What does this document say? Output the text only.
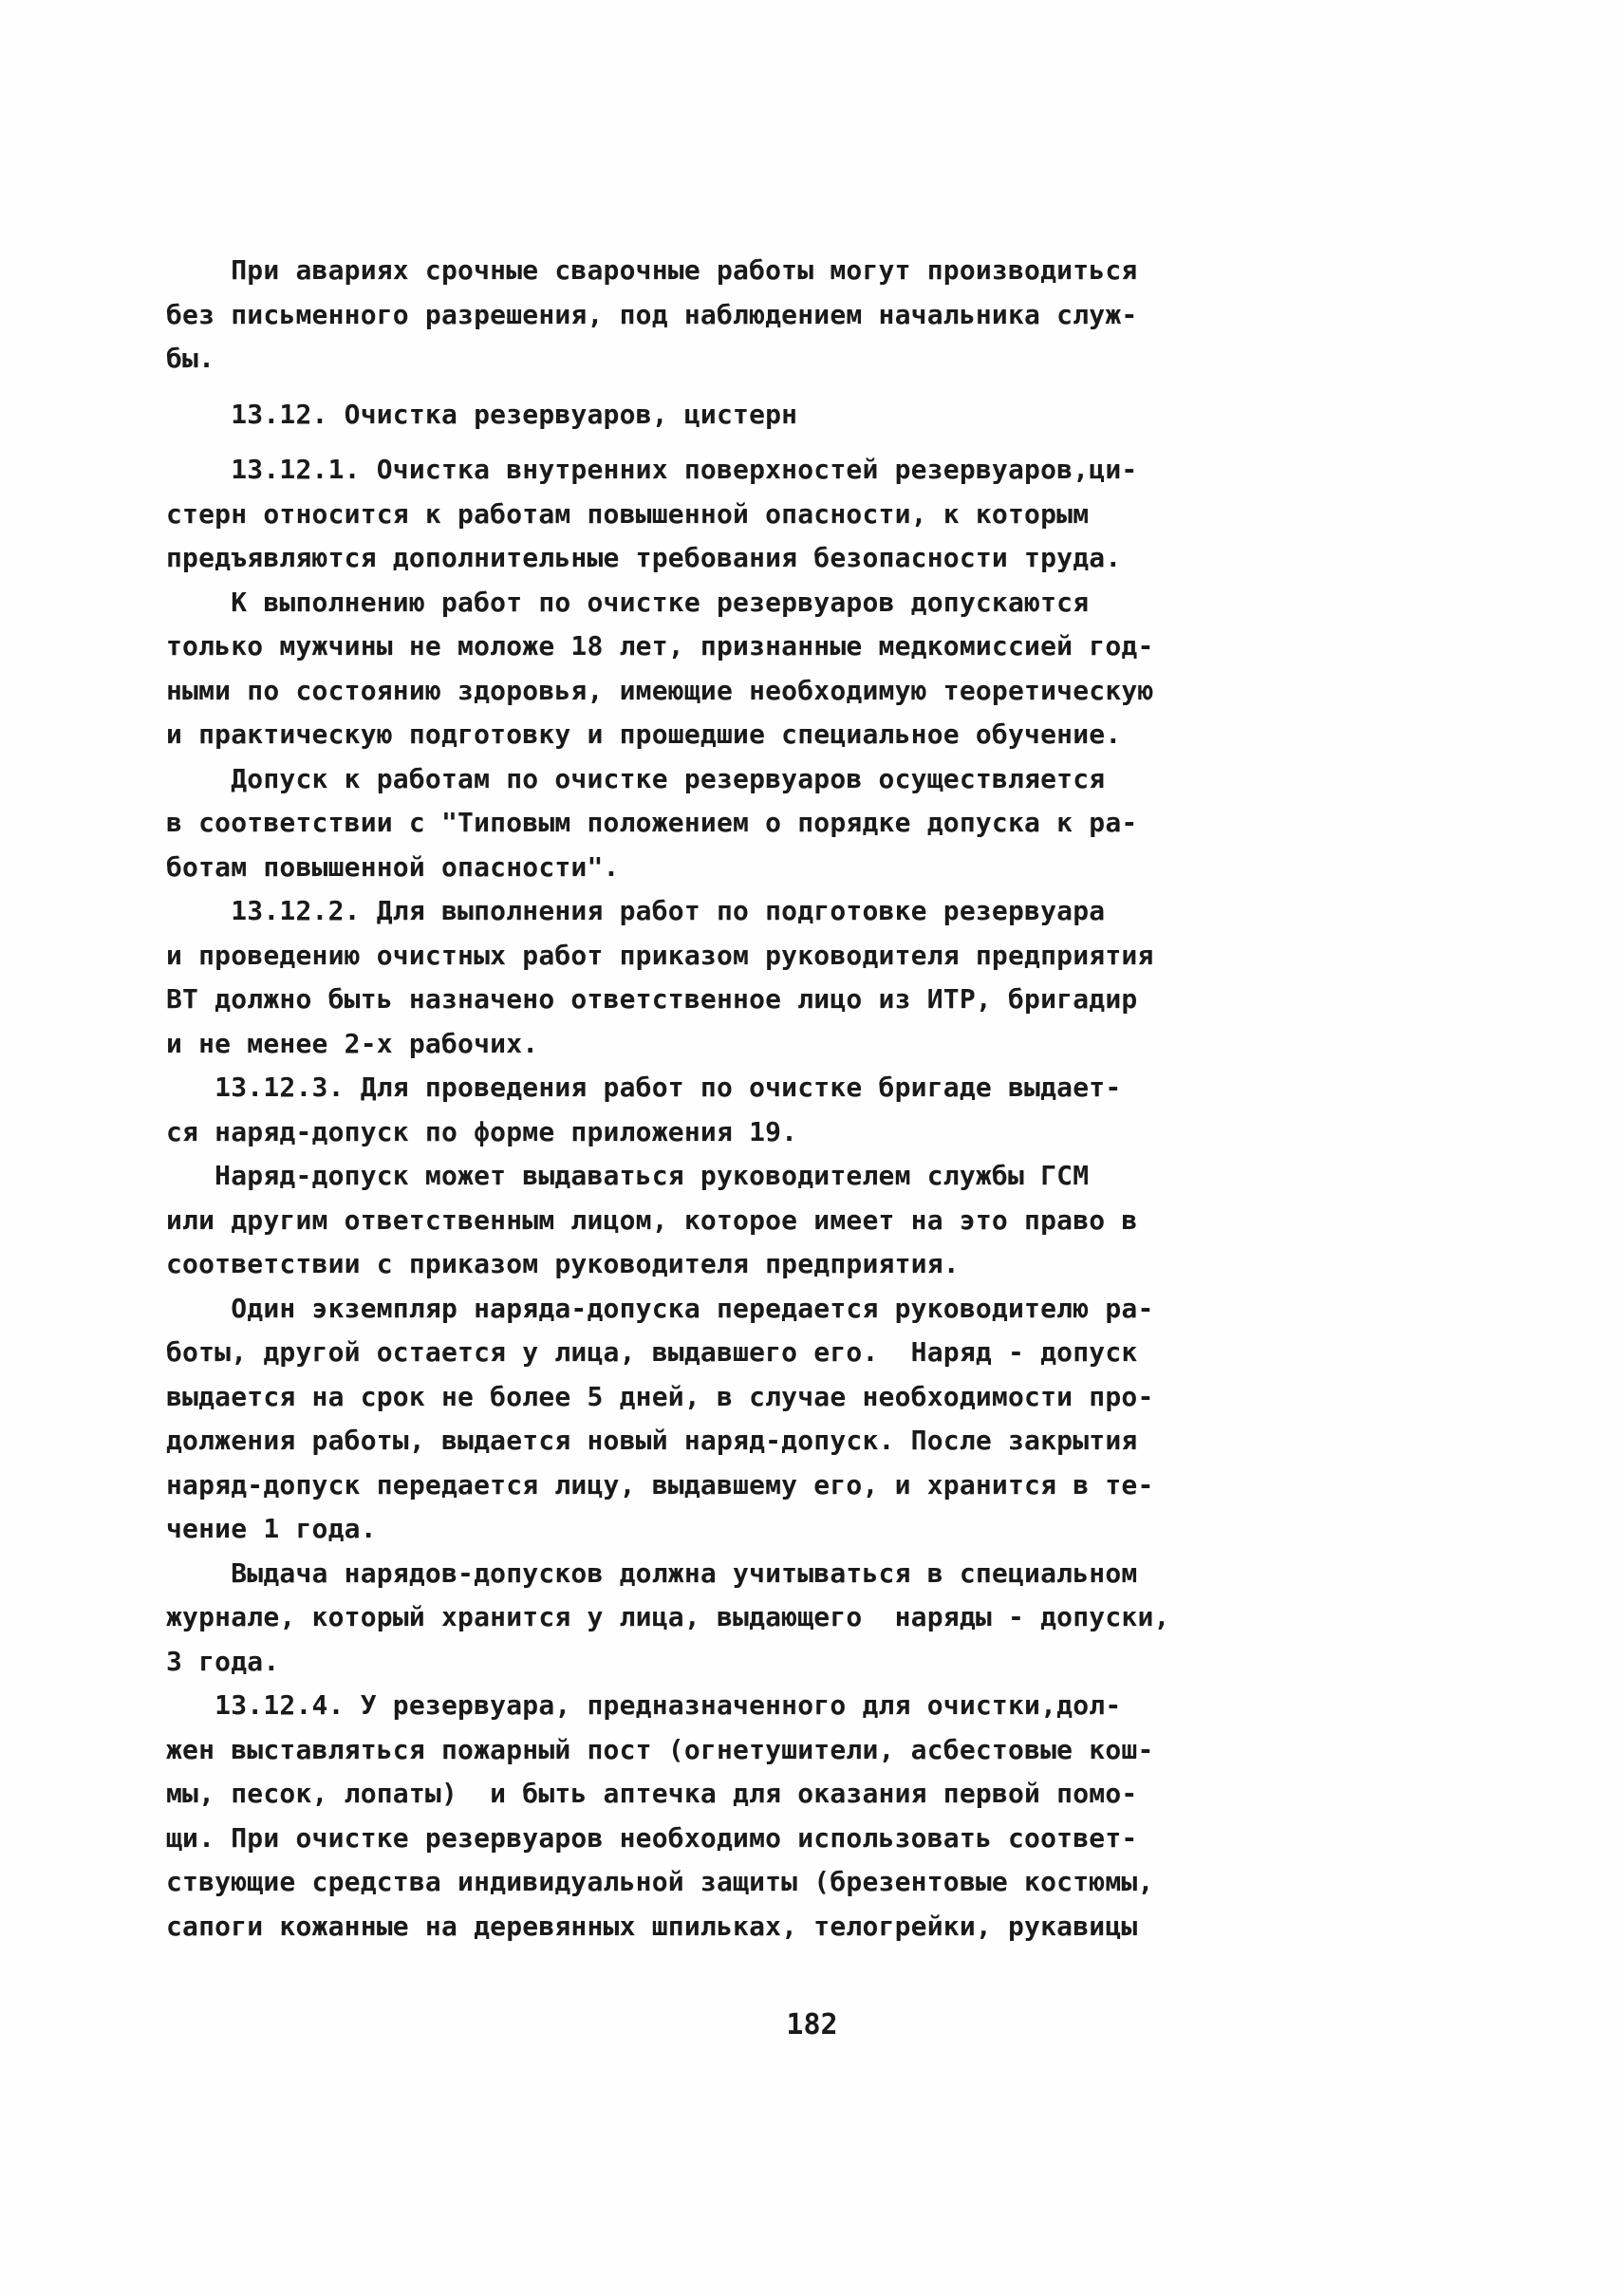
При авариях срочные сварочные работы могут производиться

без письменного разрешения, под наблюдением начальника служ-

бы.

13.12. Очистка резервуаров, цистерн

13.12.1. Очистка внутренних поверхностей резервуаров,ци-

стерн относится к работам повышенной опасности, к которым

предъявляются дополнительные требования безопасности труда.

К выполнению работ по очистке резервуаров допускаются

только мужчины не моложе 18 лет, признанные медкомиссией год-

ными по состоянию здоровья, имеющие необходимую теоретическую

и практическую подготовку и прошедшие специальное обучение.

Допуск к работам по очистке резервуаров осуществляется

в соответствии с "Типовым положением о порядке допуска к ра-

ботам повышенной опасности".

13.12.2. Для выполнения работ по подготовке резервуара

и проведению очистных работ приказом руководителя предприятия

ВТ должно быть назначено ответственное лицо из ИТР, бригадир

и не менее 2-х рабочих.

13.12.3. Для проведения работ по очистке бригаде выдает-

ся наряд-допуск по форме приложения 19.

Наряд-допуск может выдаваться руководителем службы ГСМ

или другим ответственным лицом, которое имеет на это право в

соответствии с приказом руководителя предприятия.

Один экземпляр наряда-допуска передается руководителю ра-

боты, другой остается у лица, выдавшего его.  Наряд - допуск

выдается на срок не более 5 дней, в случае необходимости про-

должения работы, выдается новый наряд-допуск. После закрытия

наряд-допуск передается лицу, выдавшему его, и хранится в те-

чение 1 года.

Выдача нарядов-допусков должна учитываться в специальном

журнале, который хранится у лица, выдающего  наряды - допуски,

3 года.

13.12.4. У резервуара, предназначенного для очистки,дол-

жен выставляться пожарный пост (огнетушители, асбестовые кош-

мы, песок, лопаты)  и быть аптечка для оказания первой помо-

щи. При очистке резервуаров необходимо использовать соответ-

ствующие средства индивидуальной защиты (брезентовые костюмы,

сапоги кожанные на деревянных шпильках, телогрейки, рукавицы

182
